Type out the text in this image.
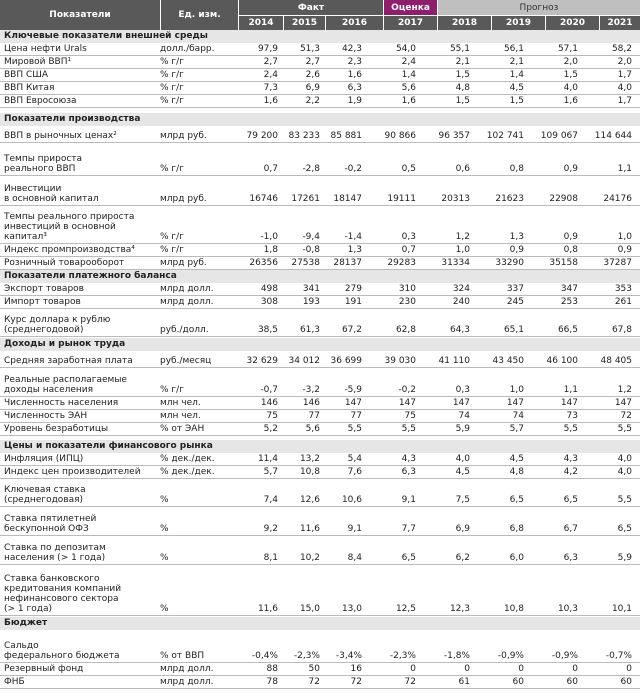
Показатели	Ед. изм.
Факт	Оценка	Прогноз
2014	2015	2016	2017	2018	2019	2020	2021
Ключевые показатели внешней среды
Цена нефти Urals	долл./барр.	97,9	51,3	42,3	54,0	55,1	56,1	57,1	58,2
Мировой ВВП¹	% г/г	2,7	2,7	2,3	2,4	2,1	2,1	2,0	2,0
ВВП США	% г/г	2,4	2,6	1,6	1,4	1,5	1,4	1,5	1,7
ВВП Китая	% г/г	7,3	6,9	6,3	5,6	4,8	4,5	4,0	4,0
ВВП Евросоюза	% г/г	1,6	2,2	1,9	1,6	1,5	1,5	1,6	1,7
Показатели производства
ВВП в рыночных ценах²	млрд руб.	79 200	83 233	85 881	90 866	96 357	102 741	109 067	114 644
Темпы прироста
реального ВВП	% г/г	0,7	-2,8	-0,2	0,5	0,6	0,8	0,9	1,1
Инвестиции
в основной капитал	млрд руб.	16746	17261	18147	19111	20313	21623	22908	24176
Темпы реального прироста
инвестиций в основной
капитал³	% г/г	-1,0	-9,4	-1,4	0,3	1,2	1,3	0,9	1,0
Индекс промпроизводства⁴	% г/г	1,8	-0,8	1,3	0,7	1,0	0,9	0,8	0,9
Розничный товарооборот	млрд руб.	26356	27538	28137	29283	31334	33290	35158	37287
Показатели платежного баланса
Экспорт товаров	млрд долл.	498	341	279	310	324	337	347	353
Импорт товаров	млрд долл.	308	193	191	230	240	245	253	261
Курс доллара к рублю
(среднегодовой)	руб./долл.	38,5	61,3	67,2	62,8	64,3	65,1	66,5	67,8
Доходы и рынок труда
Средняя заработная плата	руб./месяц	32 629	34 012	36 699	39 030	41 110	43 450	46 100	48 405
Реальные располагаемые
доходы населения	% г/г	-0,7	-3,2	-5,9	-0,2	0,3	1,0	1,1	1,2
Численность населения	млн чел.	146	146	147	147	147	147	147	147
Численность ЭАН	млн чел.	75	77	77	75	74	74	73	72
Уровень безработицы	% от ЭАН	5,2	5,6	5,5	5,5	5,9	5,7	5,5	5,5
Цены и показатели финансового рынка
Инфляция (ИПЦ)	% дек./дек.	11,4	13,2	5,4	4,3	4,0	4,5	4,3	4,0
Индекс цен производителей	% дек./дек.	5,7	10,8	7,6	6,3	4,5	4,8	4,2	4,0
Ключевая ставка
(среднегодовая)	%	7,4	12,6	10,6	9,1	7,5	6,5	6,5	5,5
Ставка пятилетней
бескупонной ОФЗ	%	9,2	11,6	9,1	7,7	6,9	6,8	6,7	6,5
Ставка по депозитам
населения (> 1 года)	%	8,1	10,2	8,4	6,5	6,2	6,0	6,3	5,9
Ставка банковского
кредитования компаний
нефинансового сектора
(> 1 года)	%	11,6	15,0	13,0	12,5	12,3	10,8	10,3	10,1
Бюджет
Сальдо
федерального бюджета	% от ВВП	-0,4%	-2,3%	-3,4%	-2,3%	-1,8%	-0,9%	-0,9%	-0,7%
Резервный фонд	млрд долл.	88	50	16	0	0	0	0	0
ФНБ	млрд долл.	78	72	72	72	61	60	60	60
